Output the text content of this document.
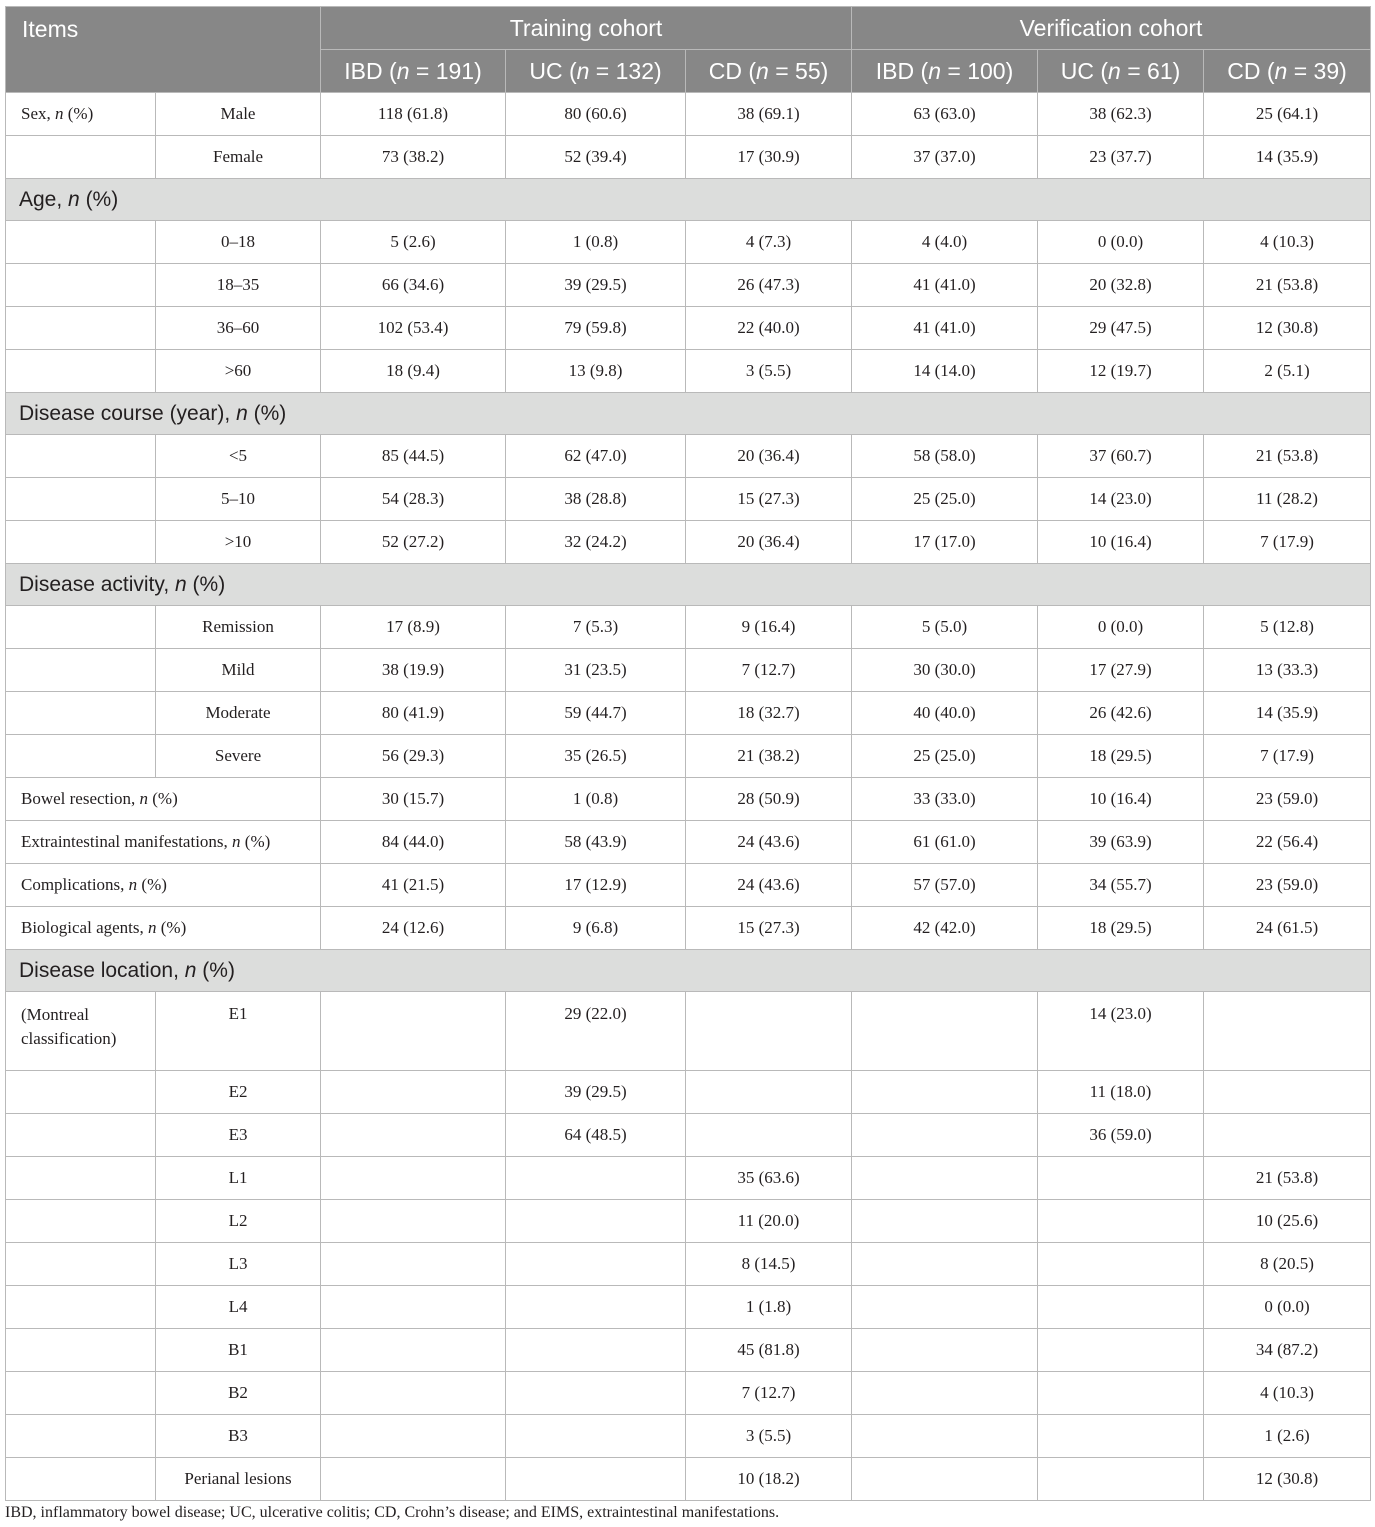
Items		Training cohort			Verification cohort		
		IBD (n = 191)	UC (n = 132)	CD (n = 55)	IBD (n = 100)	UC (n = 61)	CD (n = 39)
Sex, n (%)	Male	118 (61.8)	80 (60.6)	38 (69.1)	63 (63.0)	38 (62.3)	25 (64.1)
	Female	73 (38.2)	52 (39.4)	17 (30.9)	37 (37.0)	23 (37.7)	14 (35.9)
Age, n (%)							
	0–18	5 (2.6)	1 (0.8)	4 (7.3)	4 (4.0)	0 (0.0)	4 (10.3)
	18–35	66 (34.6)	39 (29.5)	26 (47.3)	41 (41.0)	20 (32.8)	21 (53.8)
	36–60	102 (53.4)	79 (59.8)	22 (40.0)	41 (41.0)	29 (47.5)	12 (30.8)
	>60	18 (9.4)	13 (9.8)	3 (5.5)	14 (14.0)	12 (19.7)	2 (5.1)
Disease course (year), n (%)							
	<5	85 (44.5)	62 (47.0)	20 (36.4)	58 (58.0)	37 (60.7)	21 (53.8)
	5–10	54 (28.3)	38 (28.8)	15 (27.3)	25 (25.0)	14 (23.0)	11 (28.2)
	>10	52 (27.2)	32 (24.2)	20 (36.4)	17 (17.0)	10 (16.4)	7 (17.9)
Disease activity, n (%)							
	Remission	17 (8.9)	7 (5.3)	9 (16.4)	5 (5.0)	0 (0.0)	5 (12.8)
	Mild	38 (19.9)	31 (23.5)	7 (12.7)	30 (30.0)	17 (27.9)	13 (33.3)
	Moderate	80 (41.9)	59 (44.7)	18 (32.7)	40 (40.0)	26 (42.6)	14 (35.9)
	Severe	56 (29.3)	35 (26.5)	21 (38.2)	25 (25.0)	18 (29.5)	7 (17.9)
Bowel resection, n (%)		30 (15.7)	1 (0.8)	28 (50.9)	33 (33.0)	10 (16.4)	23 (59.0)
Extraintestinal manifestations, n (%)		84 (44.0)	58 (43.9)	24 (43.6)	61 (61.0)	39 (63.9)	22 (56.4)
Complications, n (%)		41 (21.5)	17 (12.9)	24 (43.6)	57 (57.0)	34 (55.7)	23 (59.0)
Biological agents, n (%)		24 (12.6)	9 (6.8)	15 (27.3)	42 (42.0)	18 (29.5)	24 (61.5)
Disease location, n (%)							
(Montreal classification)	E1		29 (22.0)			14 (23.0)	
	E2		39 (29.5)			11 (18.0)	
	E3		64 (48.5)			36 (59.0)	
	L1			35 (63.6)			21 (53.8)
	L2			11 (20.0)			10 (25.6)
	L3			8 (14.5)			8 (20.5)
	L4			1 (1.8)			0 (0.0)
	B1			45 (81.8)			34 (87.2)
	B2			7 (12.7)			4 (10.3)
	B3			3 (5.5)			1 (2.6)
	Perianal lesions			10 (18.2)			12 (30.8)
IBD, inflammatory bowel disease; UC, ulcerative colitis; CD, Crohn’s disease; and EIMS, extraintestinal manifestations.
